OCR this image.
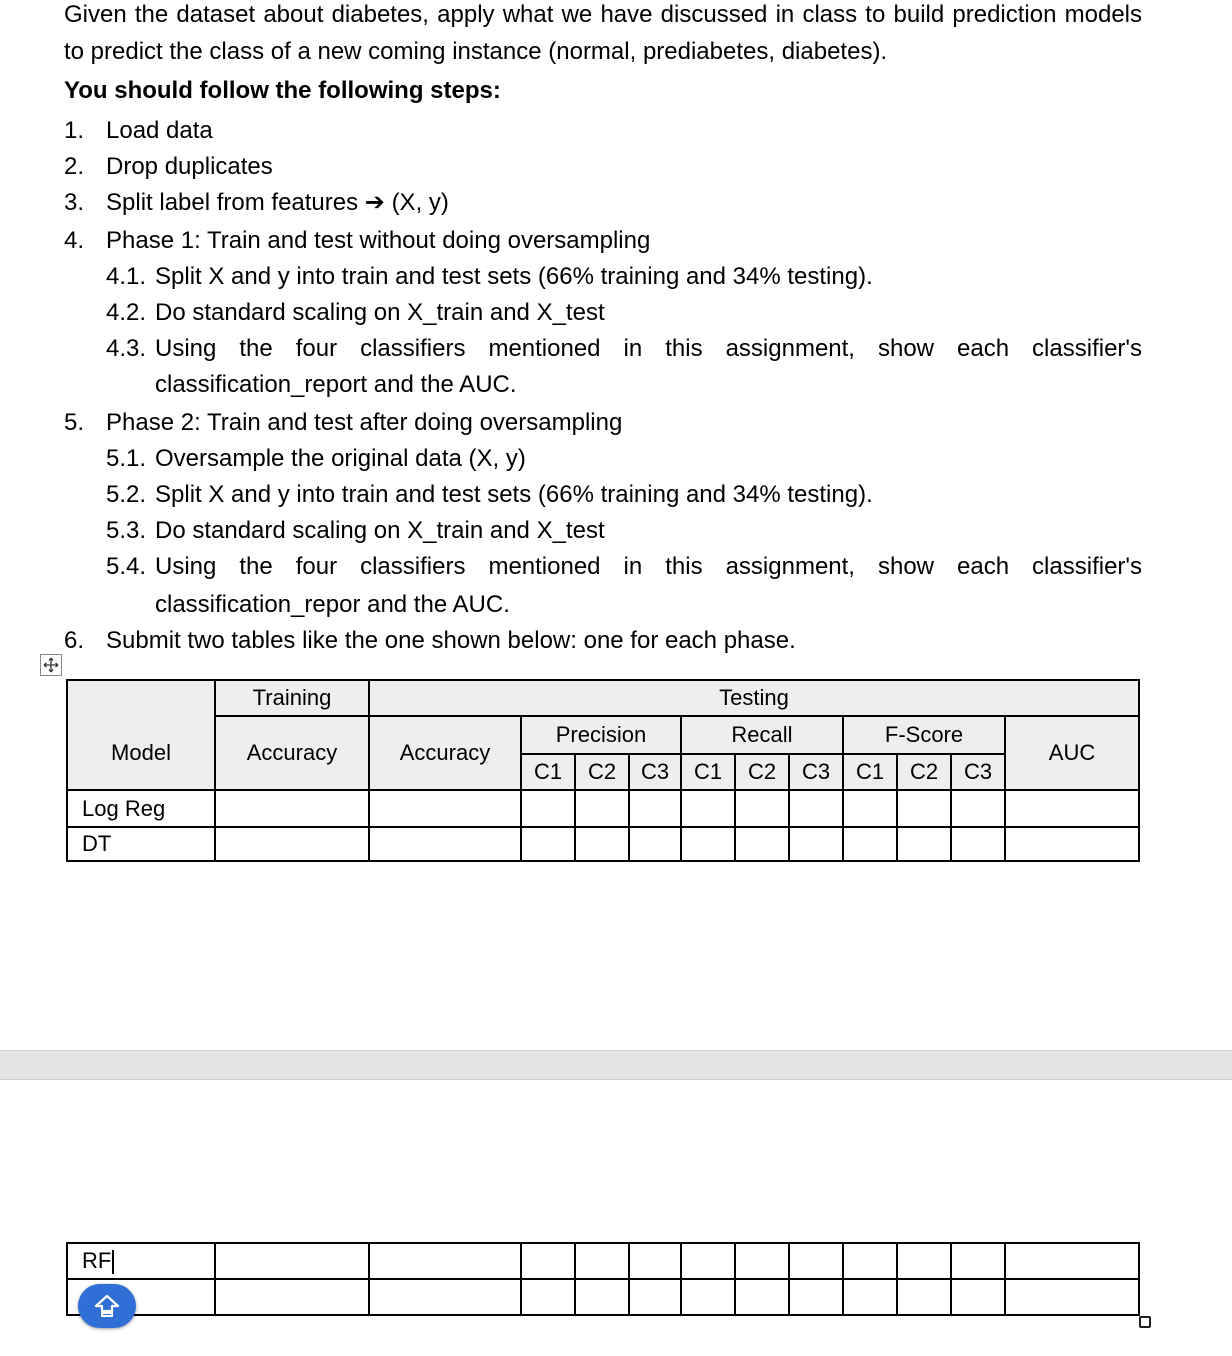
Given the dataset about diabetes, apply what we have discussed in class to build prediction models to predict the class of a new coming instance (normal, prediabetes, diabetes).
You should follow the following steps:
1. Load data
2. Drop duplicates
3. Split label from features ➔ (X, y)
4. Phase 1: Train and test without doing oversampling
4.1. Split X and y into train and test sets (66% training and 34% testing).
4.2. Do standard scaling on X_train and X_test
4.3. Using the four classifiers mentioned in this assignment, show each classifier's
classification_report and the AUC.
5. Phase 2: Train and test after doing oversampling
5.1. Oversample the original data (X, y)
5.2. Split X and y into train and test sets (66% training and 34% testing).
5.3. Do standard scaling on X_train and X_test
5.4. Using the four classifiers mentioned in this assignment, show each classifier's
classification_repor and the AUC.
6. Submit two tables like the one shown below: one for each phase.
	Training	Testing										
Model	Accuracy	Accuracy	Precision			Recall			F-Score			AUC
			C1	C2	C3	C1	C2	C3	C1	C2	C3	
Log Reg												
DT												
RF												
